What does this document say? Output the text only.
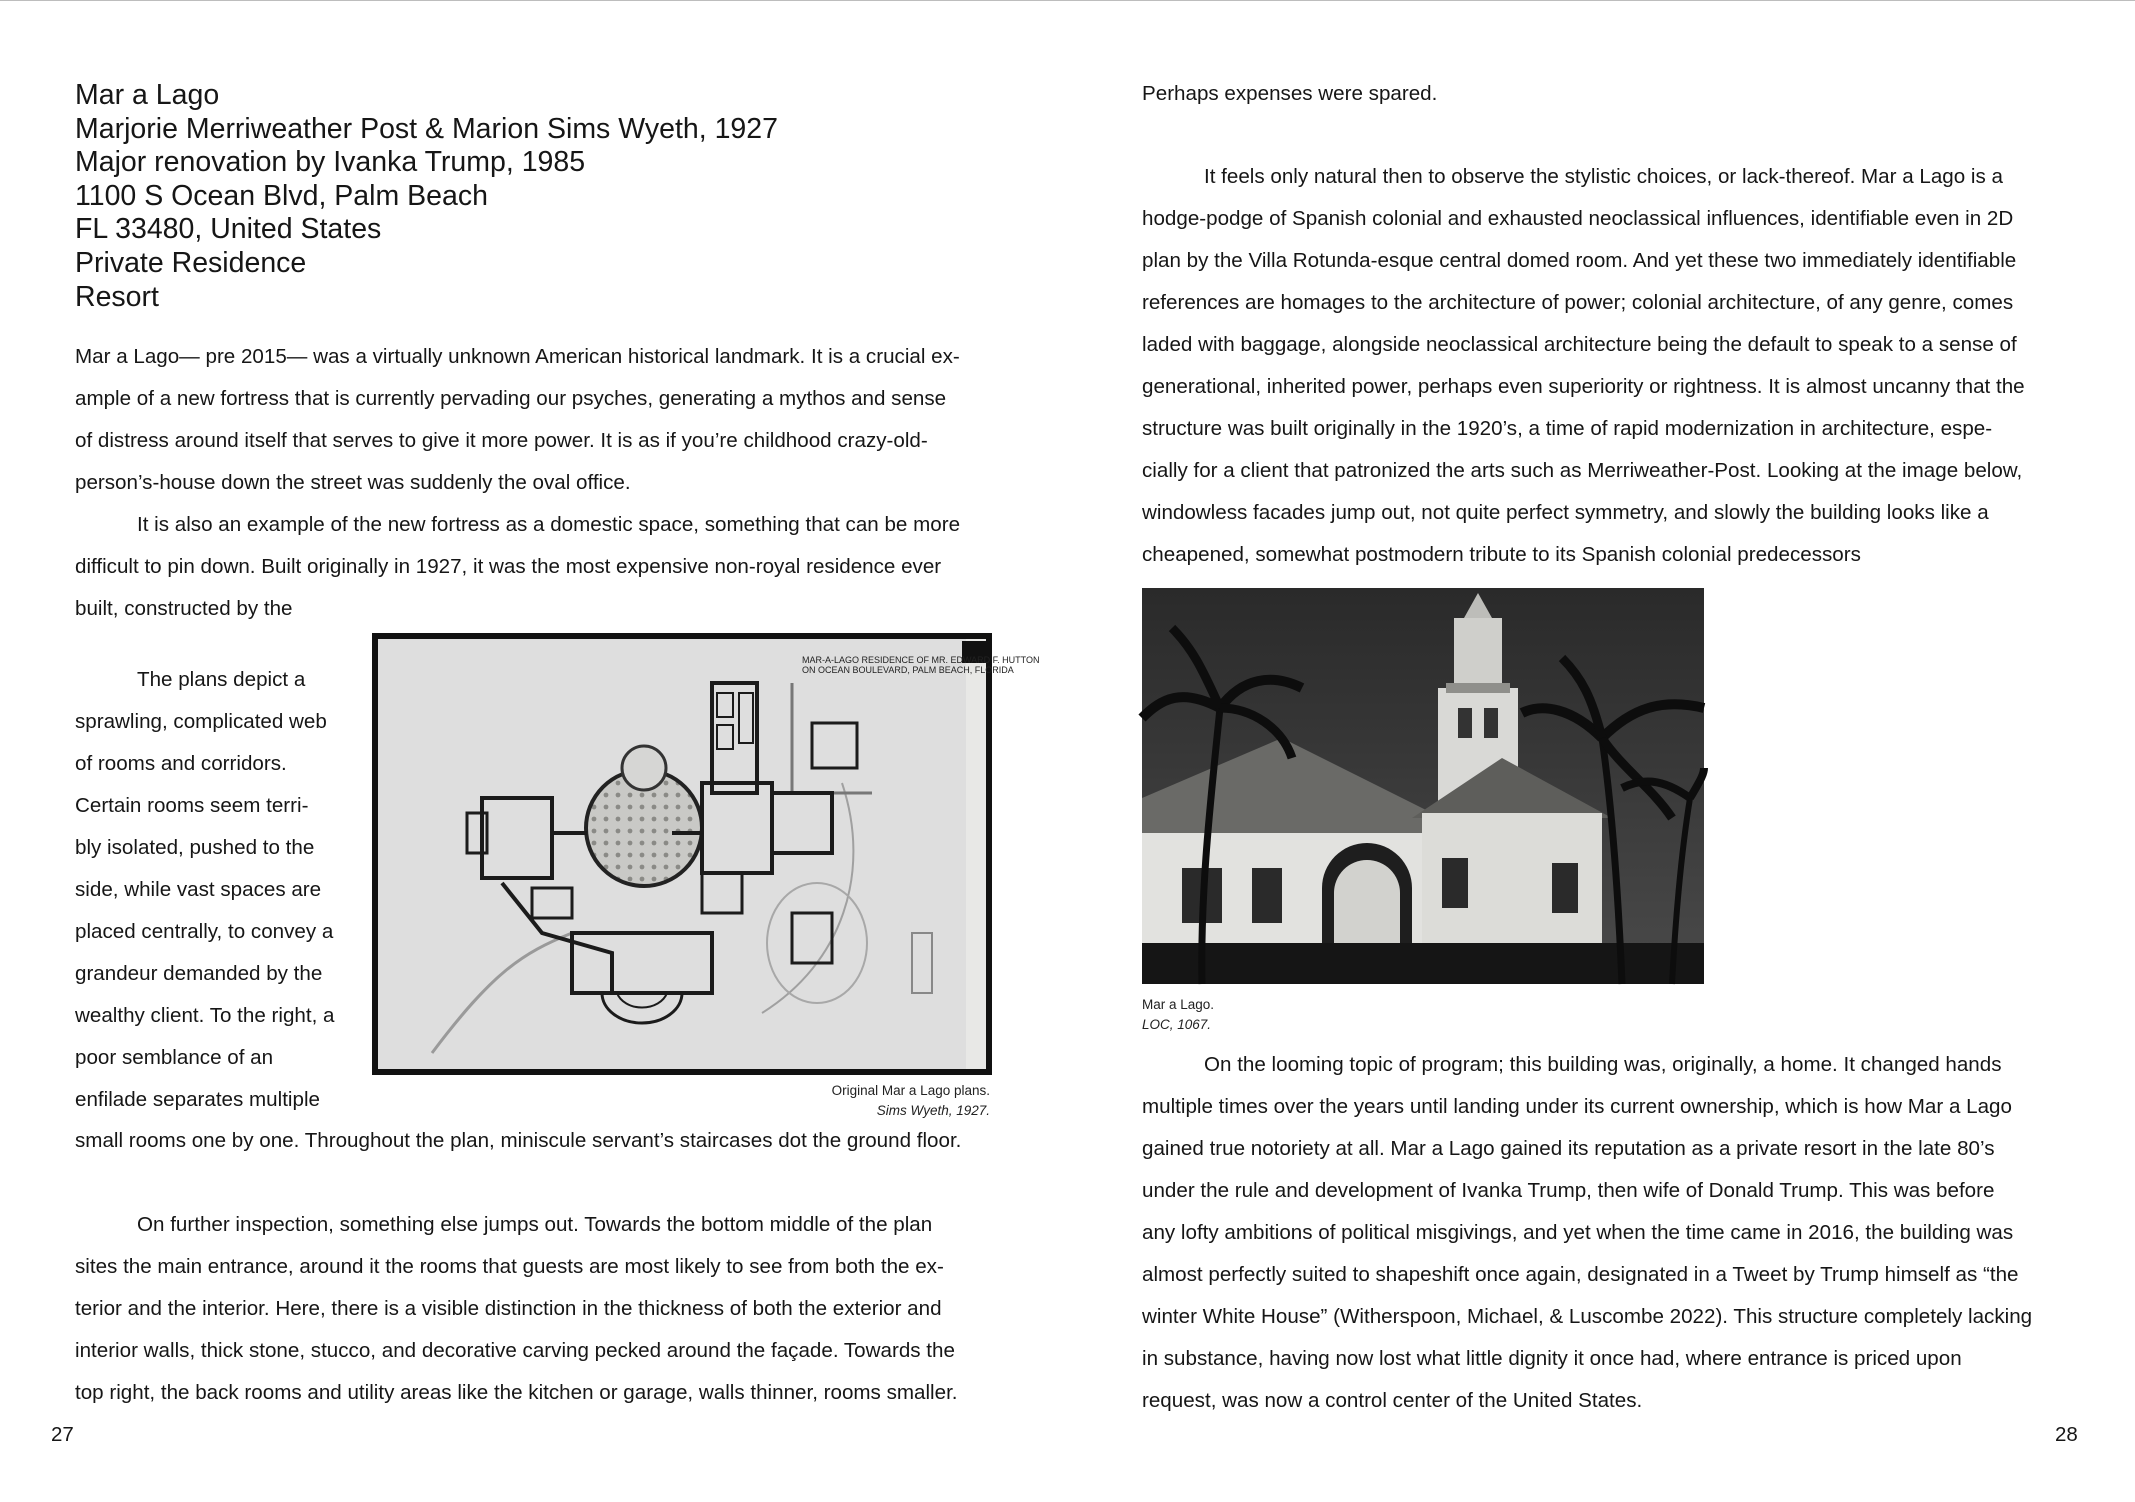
Mar a Lago
Marjorie Merriweather Post & Marion Sims Wyeth, 1927
Major renovation by Ivanka Trump, 1985
1100 S Ocean Blvd, Palm Beach
FL 33480, United States
Private Residence
Resort
Mar a Lago— pre 2015— was a virtually unknown American historical landmark. It is a crucial ex-
ample of a new fortress that is currently pervading our psyches, generating a mythos and sense
of distress around itself that serves to give it more power. It is as if you’re childhood crazy-old-
person’s-house down the street was suddenly the oval office.
It is also an example of the new fortress as a domestic space, something that can be more
difficult to pin down. Built originally in 1927, it was the most expensive non-royal residence ever
built, constructed by the
The plans depict a
sprawling, complicated web
of rooms and corridors.
Certain rooms seem terri-
bly isolated, pushed to the
side, while vast spaces are
placed centrally, to convey a
grandeur demanded by the
wealthy client. To the right, a
poor semblance of an
enfilade separates multiple
small rooms one by one. Throughout the plan, miniscule servant’s staircases dot the ground floor.
MAR-A-LAGO RESIDENCE OF MR. EDWARD F. HUTTON
ON OCEAN BOULEVARD, PALM BEACH, FLORIDA
Original Mar a Lago plans.
Sims Wyeth, 1927.
On further inspection, something else jumps out. Towards the bottom middle of the plan
sites the main entrance, around it the rooms that guests are most likely to see from both the ex-
terior and the interior. Here, there is a visible distinction in the thickness of both the exterior and
interior walls, thick stone, stucco, and decorative carving pecked around the façade. Towards the
top right, the back rooms and utility areas like the kitchen or garage, walls thinner, rooms smaller.
27
Perhaps expenses were spared.
It feels only natural then to observe the stylistic choices, or lack-thereof. Mar a Lago is a
hodge-podge of Spanish colonial and exhausted neoclassical influences, identifiable even in 2D
plan by the Villa Rotunda-esque central domed room. And yet these two immediately identifiable
references are homages to the architecture of power; colonial architecture, of any genre, comes
laded with baggage, alongside neoclassical architecture being the default to speak to a sense of
generational, inherited power, perhaps even superiority or rightness. It is almost uncanny that the
structure was built originally in the 1920’s, a time of rapid modernization in architecture, espe-
cially for a client that patronized the arts such as Merriweather-Post. Looking at the image below,
windowless facades jump out, not quite perfect symmetry, and slowly the building looks like a
cheapened, somewhat postmodern tribute to its Spanish colonial predecessors
Mar a Lago.
LOC, 1067.
On the looming topic of program; this building was, originally, a home. It changed hands
multiple times over the years until landing under its current ownership, which is how Mar a Lago
gained true notoriety at all. Mar a Lago gained its reputation as a private resort in the late 80’s
under the rule and development of Ivanka Trump, then wife of Donald Trump. This was before
any lofty ambitions of political misgivings, and yet when the time came in 2016, the building was
almost perfectly suited to shapeshift once again, designated in a Tweet by Trump himself as “the
winter White House” (Witherspoon, Michael, & Luscombe 2022). This structure completely lacking
in substance, having now lost what little dignity it once had, where entrance is priced upon
request, was now a control center of the United States.
28
